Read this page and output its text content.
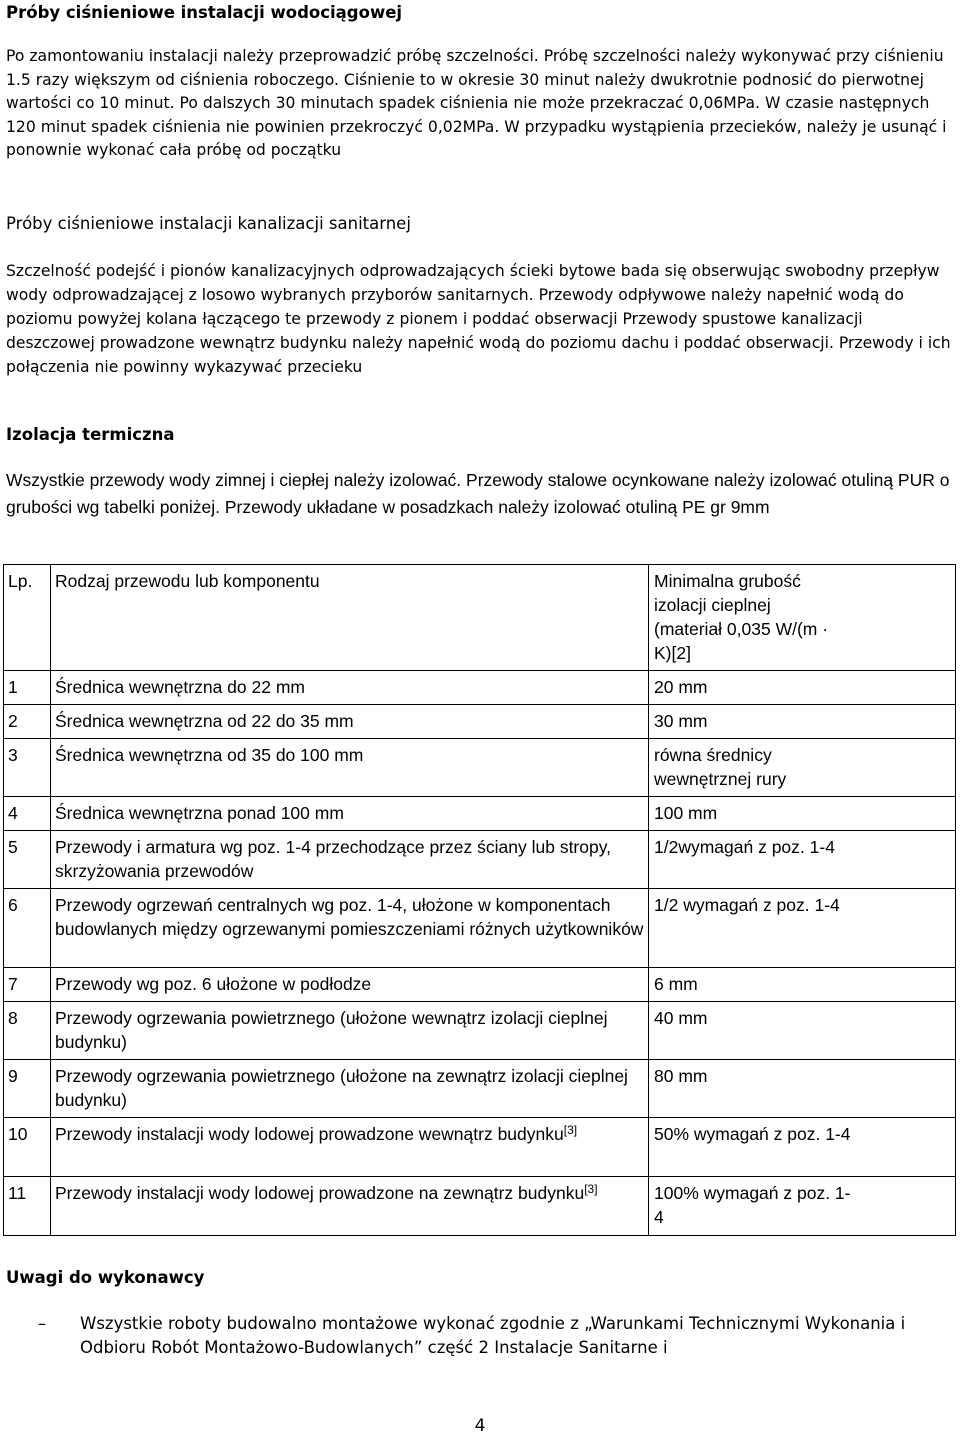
Próby ciśnieniowe instalacji wodociągowej

Po zamontowaniu instalacji należy przeprowadzić próbę szczelności. Próbę szczelności należy wykonywać przy ciśnieniu 1.5 razy większym od ciśnienia roboczego. Ciśnienie to w okresie 30 minut należy dwukrotnie podnosić do pierwotnej wartości co 10 minut. Po dalszych 30 minutach spadek ciśnienia nie może przekraczać 0,06MPa. W czasie następnych 120 minut spadek ciśnienia nie powinien przekroczyć 0,02MPa. W przypadku wystąpienia przecieków, należy je usunąć i ponownie wykonać cała próbę od początku

Próby ciśnieniowe instalacji kanalizacji sanitarnej

Szczelność podejść i pionów kanalizacyjnych odprowadzających ścieki bytowe bada się obserwując swobodny przepływ wody odprowadzającej z losowo wybranych przyborów sanitarnych. Przewody odpływowe należy napełnić wodą do poziomu powyżej kolana łączącego te przewody z pionem i poddać obserwacji Przewody spustowe kanalizacji deszczowej prowadzone wewnątrz budynku należy napełnić wodą do poziomu dachu i poddać obserwacji. Przewody i ich połączenia nie powinny wykazywać przecieku

Izolacja termiczna

Wszystkie przewody wody zimnej i ciepłej należy izolować. Przewody stalowe ocynkowane należy izolować otuliną PUR o grubości wg tabelki poniżej. Przewody układane w posadzkach należy izolować otuliną PE gr 9mm

Lp.	Rodzaj przewodu lub komponentu	Minimalna grubość izolacji cieplnej (materiał 0,035 W/(m · K)[2]

1	Średnica wewnętrzna do 22 mm	20 mm

2	Średnica wewnętrzna od 22 do 35 mm	30 mm

3	Średnica wewnętrzna od 35 do 100 mm	równa średnicy wewnętrznej rury

4	Średnica wewnętrzna ponad 100 mm	100 mm

5	Przewody i armatura wg poz. 1-4 przechodzące przez ściany lub stropy, skrzyżowania przewodów	1/2wymagań z poz. 1-4

6	Przewody ogrzewań centralnych wg poz. 1-4, ułożone w komponentach budowlanych między ogrzewanymi pomieszczeniami różnych użytkowników	1/2 wymagań z poz. 1-4

7	Przewody wg poz. 6 ułożone w podłodze	6 mm

8	Przewody ogrzewania powietrznego (ułożone wewnątrz izolacji cieplnej budynku)	40 mm

9	Przewody ogrzewania powietrznego (ułożone na zewnątrz izolacji cieplnej budynku)	80 mm

10	Przewody instalacji wody lodowej prowadzone wewnątrz budynku[3]	50% wymagań z poz. 1-4

11	Przewody instalacji wody lodowej prowadzone na zewnątrz budynku[3]	100% wymagań z poz. 1-4
Uwagi do wykonawcy
– Wszystkie roboty budowalno montażowe wykonać zgodnie z „Warunkami Technicznymi Wykonania i Odbioru Robót Montażowo-Budowlanych” część 2 Instalacje Sanitarne i
4
